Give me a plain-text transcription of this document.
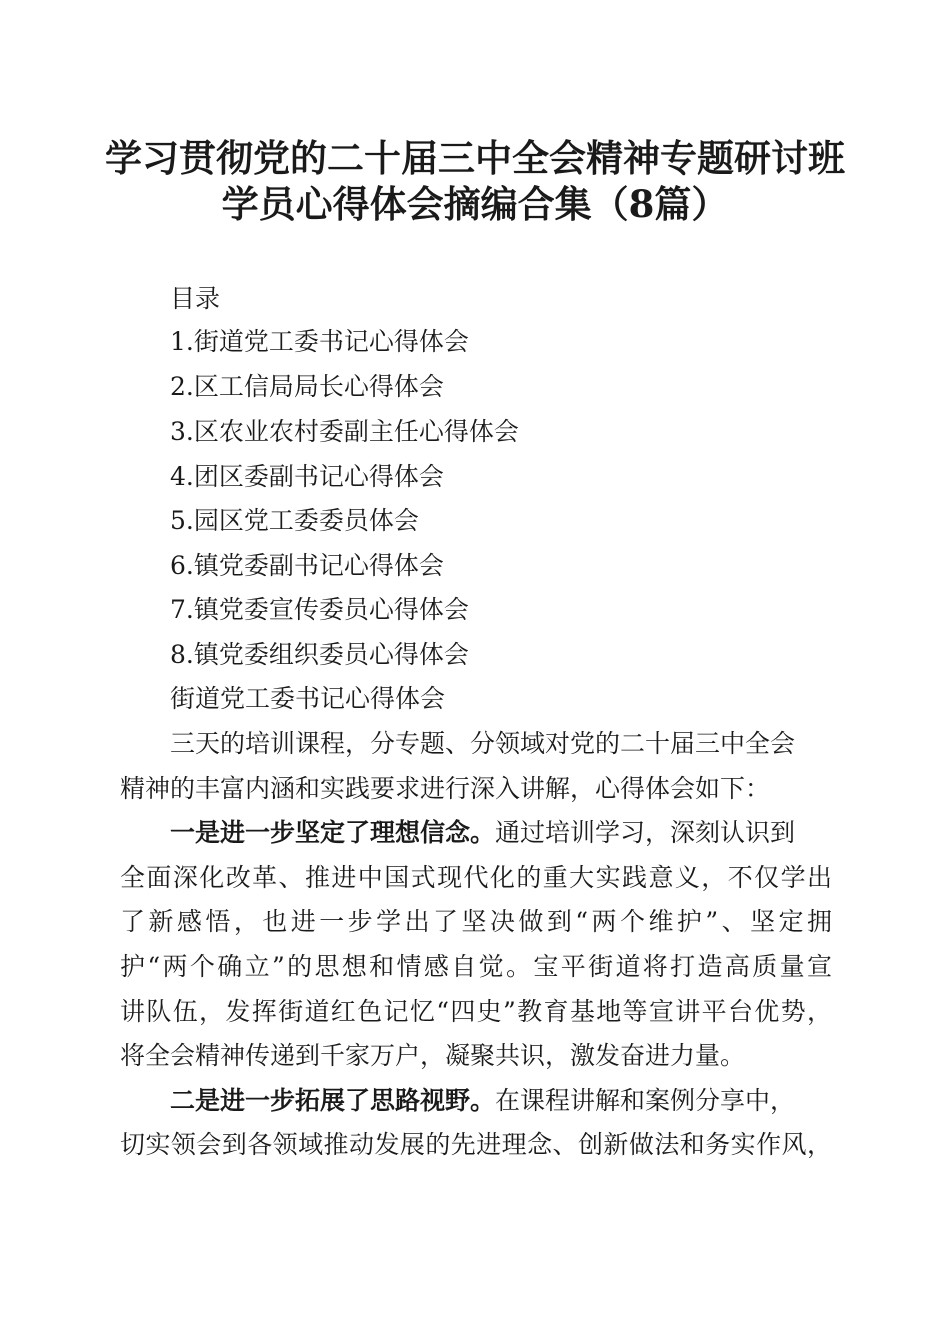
学习贯彻党的二十届三中全会精神专题研讨班
学员心得体会摘编合集（8篇）

目录

1.街道党工委书记心得体会

2.区工信局局长心得体会

3.区农业农村委副主任心得体会

4.团区委副书记心得体会

5.园区党工委委员体会

6.镇党委副书记心得体会

7.镇党委宣传委员心得体会

8.镇党委组织委员心得体会

街道党工委书记心得体会

三天的培训课程，分专题、分领域对党的二十届三中全会

精神的丰富内涵和实践要求进行深入讲解，心得体会如下：

一是进一步坚定了理想信念。通过培训学习，深刻认识到

全面深化改革、推进中国式现代化的重大实践意义，不仅学出

了新感悟，也进一步学出了坚决做到“两个维护”、坚定拥

护“两个确立”的思想和情感自觉。宝平街道将打造高质量宣

讲队伍，发挥街道红色记忆“四史”教育基地等宣讲平台优势，

将全会精神传递到千家万户，凝聚共识，激发奋进力量。

二是进一步拓展了思路视野。在课程讲解和案例分享中，

切实领会到各领域推动发展的先进理念、创新做法和务实作风，
